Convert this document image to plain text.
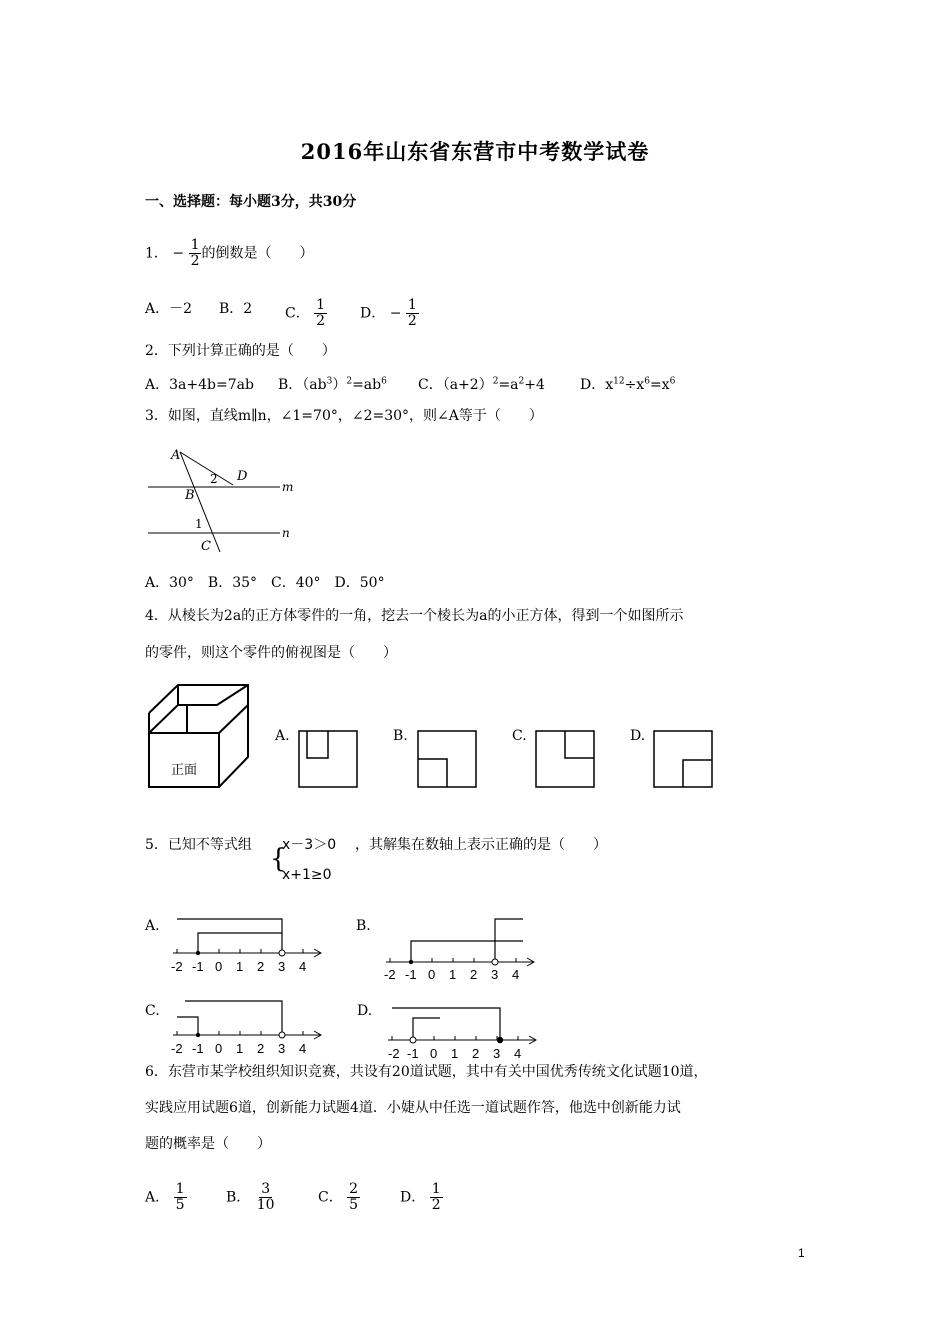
2016年山东省东营市中考数学试卷
一、选择题：每小题3分，共30分
1． − $\frac{1}{2}$ 的倒数是（　　）
A．－2 B．2 C． $\frac{1}{2}$ D． − $\frac{1}{2}$
2．下列计算正确的是（　　）
A．3a+4b=7ab B．$(ab^3)^2=ab^6$ C．$(a+2)^2=a^2+4$	D．$x^{12}\div x^6=x^6$
3．如图，直线m∥n，∠1=70°，∠2=30°，则∠A等于（　　）
A
B
C
D
m
n
1
2
A．30°　B．35°　C．40°　D．50°
4．从棱长为2a的正方体零件的一角，挖去一个棱长为a的小正方体，得到一个如图所示
的零件，则这个零件的俯视图是（　　）
正面
A.	B.	C.	D.
5．已知不等式组 {
x－3＞0
x+1≥0
，其解集在数轴上表示正确的是（　　）
A.
-2 -1 0 1 2 3 4
B.
-2 -1 0 1 2 3 4
C.
-2 -1 0 1 2 3 4
D.
-2 -1 0 1 2 3 4
6．东营市某学校组织知识竞赛，共设有20道试题，其中有关中国优秀传统文化试题10道，
实践应用试题6道，创新能力试题4道．小婕从中任选一道试题作答，他选中创新能力试
题的概率是（　　）
A． $\frac{1}{5}$	B． $\frac{3}{10}$	C． $\frac{2}{5}$	D． $\frac{1}{2}$
1
